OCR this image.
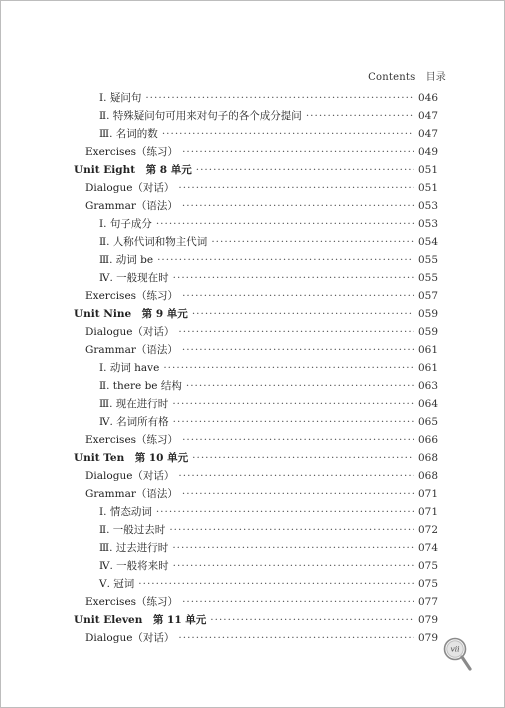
Contents　目录
Ⅰ. 疑问句 ·····	046
Ⅱ. 特殊疑问句可用来对句子的各个成分提问 ·····	047
Ⅲ. 名词的数 ·····	047
Exercises（练习） ·····	049
Unit Eight　第 8 单元 ·····	051
Dialogue（对话） ·····	051
Grammar（语法） ·····	053
Ⅰ. 句子成分 ·····	053
Ⅱ. 人称代词和物主代词 ·····	054
Ⅲ. 动词 be ·····	055
Ⅳ. 一般现在时 ·····	055
Exercises（练习） ·····	057
Unit Nine　第 9 单元 ·····	059
Dialogue（对话） ·····	059
Grammar（语法） ·····	061
Ⅰ. 动词 have ·····	061
Ⅱ. there be 结构 ·····	063
Ⅲ. 现在进行时 ·····	064
Ⅳ. 名词所有格 ·····	065
Exercises（练习） ·····	066
Unit Ten　第 10 单元 ·····	068
Dialogue（对话） ·····	068
Grammar（语法） ·····	071
Ⅰ. 情态动词 ·····	071
Ⅱ. 一般过去时 ·····	072
Ⅲ. 过去进行时 ·····	074
Ⅳ. 一般将来时 ·····	075
Ⅴ. 冠词 ·····	075
Exercises（练习） ·····	077
Unit Eleven　第 11 单元 ·····	079
Dialogue（对话） ·····	079
vii
